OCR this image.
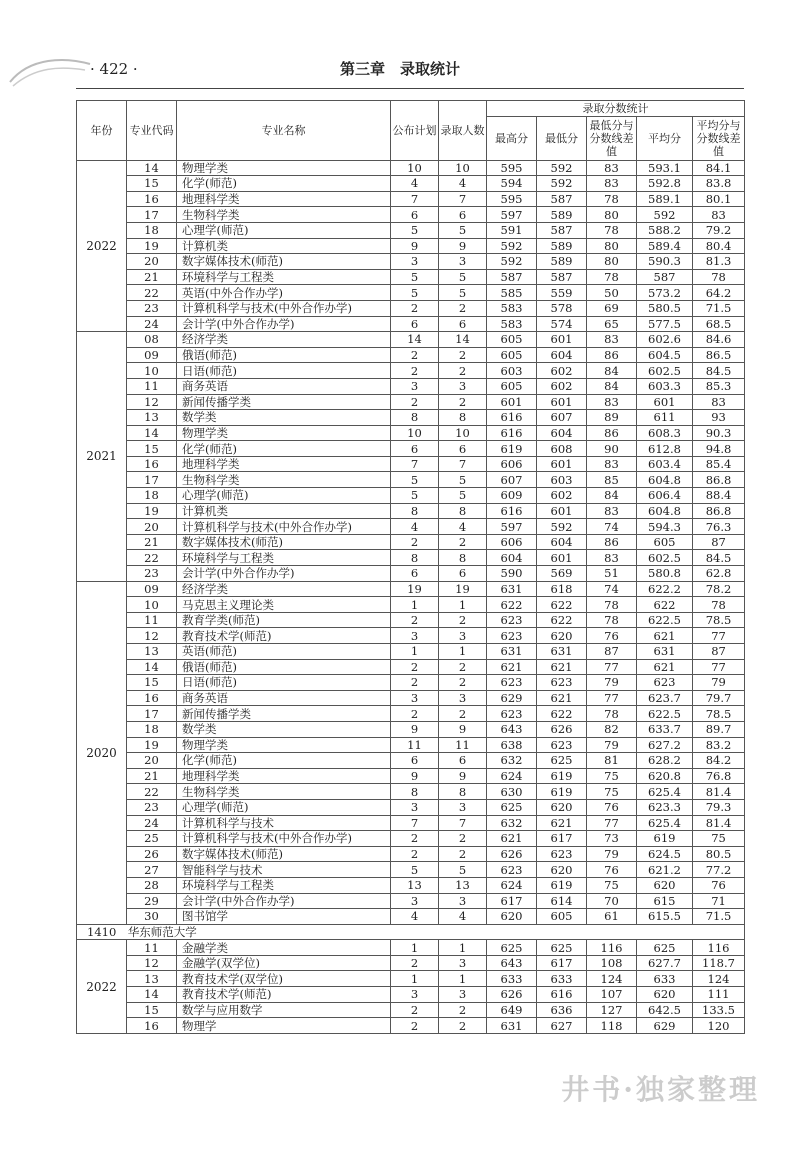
· 422 ·	第三章　录取统计
年份	专业代码	专业名称	公布计划	录取人数	录取分数统计				
					最高分	最低分	最低分与分数线差值	平均分	平均分与分数线差值
2022	14	物理学类	10	10	595	592	83	593.1	84.1
	15	化学(师范)	4	4	594	592	83	592.8	83.8
	16	地理科学类	7	7	595	587	78	589.1	80.1
	17	生物科学类	6	6	597	589	80	592	83
	18	心理学(师范)	5	5	591	587	78	588.2	79.2
	19	计算机类	9	9	592	589	80	589.4	80.4
	20	数字媒体技术(师范)	3	3	592	589	80	590.3	81.3
	21	环境科学与工程类	5	5	587	587	78	587	78
	22	英语(中外合作办学)	5	5	585	559	50	573.2	64.2
	23	计算机科学与技术(中外合作办学)	2	2	583	578	69	580.5	71.5
	24	会计学(中外合作办学)	6	6	583	574	65	577.5	68.5
2021	08	经济学类	14	14	605	601	83	602.6	84.6
	09	俄语(师范)	2	2	605	604	86	604.5	86.5
	10	日语(师范)	2	2	603	602	84	602.5	84.5
	11	商务英语	3	3	605	602	84	603.3	85.3
	12	新闻传播学类	2	2	601	601	83	601	83
	13	数学类	8	8	616	607	89	611	93
	14	物理学类	10	10	616	604	86	608.3	90.3
	15	化学(师范)	6	6	619	608	90	612.8	94.8
	16	地理科学类	7	7	606	601	83	603.4	85.4
	17	生物科学类	5	5	607	603	85	604.8	86.8
	18	心理学(师范)	5	5	609	602	84	606.4	88.4
	19	计算机类	8	8	616	601	83	604.8	86.8
	20	计算机科学与技术(中外合作办学)	4	4	597	592	74	594.3	76.3
	21	数字媒体技术(师范)	2	2	606	604	86	605	87
	22	环境科学与工程类	8	8	604	601	83	602.5	84.5
	23	会计学(中外合作办学)	6	6	590	569	51	580.8	62.8
2020	09	经济学类	19	19	631	618	74	622.2	78.2
	10	马克思主义理论类	1	1	622	622	78	622	78
	11	教育学类(师范)	2	2	623	622	78	622.5	78.5
	12	教育技术学(师范)	3	3	623	620	76	621	77
	13	英语(师范)	1	1	631	631	87	631	87
	14	俄语(师范)	2	2	621	621	77	621	77
	15	日语(师范)	2	2	623	623	79	623	79
	16	商务英语	3	3	629	621	77	623.7	79.7
	17	新闻传播学类	2	2	623	622	78	622.5	78.5
	18	数学类	9	9	643	626	82	633.7	89.7
	19	物理学类	11	11	638	623	79	627.2	83.2
	20	化学(师范)	6	6	632	625	81	628.2	84.2
	21	地理科学类	9	9	624	619	75	620.8	76.8
	22	生物科学类	8	8	630	619	75	625.4	81.4
	23	心理学(师范)	3	3	625	620	76	623.3	79.3
	24	计算机科学与技术	7	7	632	621	77	625.4	81.4
	25	计算机科学与技术(中外合作办学)	2	2	621	617	73	619	75
	26	数字媒体技术(师范)	2	2	626	623	79	624.5	80.5
	27	智能科学与技术	5	5	623	620	76	621.2	77.2
	28	环境科学与工程类	13	13	624	619	75	620	76
	29	会计学(中外合作办学)	3	3	617	614	70	615	71
	30	图书馆学	4	4	620	605	61	615.5	71.5
1410　华东师范大学									
2022	11	金融学类	1	1	625	625	116	625	116
	12	金融学(双学位)	2	3	643	617	108	627.7	118.7
	13	教育技术学(双学位)	1	1	633	633	124	633	124
	14	教育技术学(师范)	3	3	626	616	107	620	111
	15	数学与应用数学	2	2	649	636	127	642.5	133.5
	16	物理学	2	2	631	627	118	629	120
井书·独家整理
